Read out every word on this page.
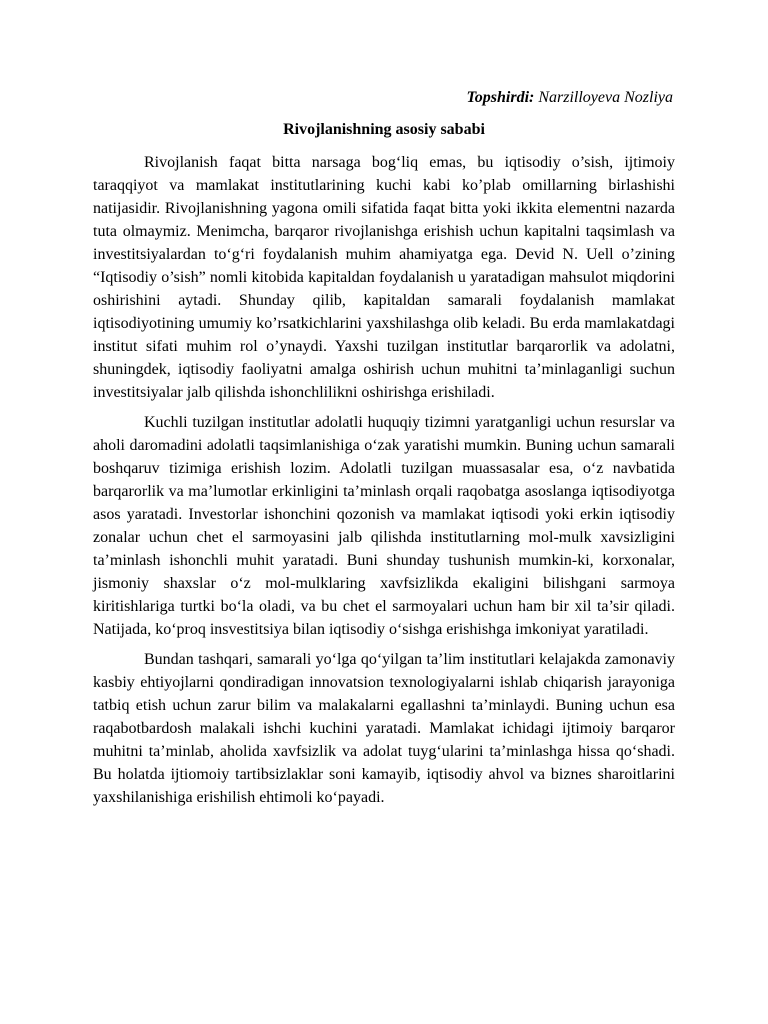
Topshirdi: Narzilloyeva Nozliya
Rivojlanishning asosiy sababi

Rivojlanish faqat bitta narsaga bog‘liq emas, bu iqtisodiy o’sish, ijtimoiy taraqqiyot va mamlakat institutlarining kuchi kabi ko’plab omillarning birlashishi natijasidir. Rivojlanishning yagona omili sifatida faqat bitta yoki ikkita elementni nazarda tuta olmaymiz. Menimcha, barqaror rivojlanishga erishish uchun kapitalni taqsimlash va investitsiyalardan to‘g‘ri foydalanish muhim ahamiyatga ega. Devid N. Uell o’zining “Iqtisodiy o’sish” nomli kitobida kapitaldan foydalanish u yaratadigan mahsulot miqdorini oshirishini aytadi. Shunday qilib, kapitaldan samarali foydalanish mamlakat iqtisodiyotining umumiy ko’rsatkichlarini yaxshilashga olib keladi. Bu erda mamlakatdagi institut sifati muhim rol o’ynaydi. Yaxshi tuzilgan institutlar barqarorlik va adolatni, shuningdek, iqtisodiy faoliyatni amalga oshirish uchun muhitni ta’minlaganligi suchun investitsiyalar jalb qilishda ishonchlilikni oshirishga erishiladi.

Kuchli tuzilgan institutlar adolatli huquqiy tizimni yaratganligi uchun resurslar va aholi daromadini adolatli taqsimlanishiga o‘zak yaratishi mumkin. Buning uchun samarali boshqaruv tizimiga erishish lozim. Adolatli tuzilgan muassasalar esa, o‘z navbatida barqarorlik va ma’lumotlar erkinligini ta’minlash orqali raqobatga asoslanga iqtisodiyotga asos yaratadi. Investorlar ishonchini qozonish va mamlakat iqtisodi yoki erkin iqtisodiy zonalar uchun chet el sarmoyasini jalb qilishda institutlarning mol-mulk xavsizligini ta’minlash ishonchli muhit yaratadi. Buni shunday tushunish mumkin-ki, korxonalar, jismoniy shaxslar o‘z mol-mulklaring xavfsizlikda ekaligini bilishgani sarmoya kiritishlariga turtki bo‘la oladi, va bu chet el sarmoyalari uchun ham bir xil ta’sir qiladi. Natijada, ko‘proq insvestitsiya bilan iqtisodiy o‘sishga erishishga imkoniyat yaratiladi.

Bundan tashqari, samarali yo‘lga qo‘yilgan ta’lim institutlari kelajakda zamonaviy kasbiy ehtiyojlarni qondiradigan innovatsion texnologiyalarni ishlab chiqarish jarayoniga tatbiq etish uchun zarur bilim va malakalarni egallashni ta’minlaydi. Buning uchun esa raqabotbardosh malakali ishchi kuchini yaratadi. Mamlakat ichidagi ijtimoiy barqaror muhitni ta’minlab, aholida xavfsizlik va adolat tuyg‘ularini ta’minlashga hissa qo‘shadi. Bu holatda ijtiomoiy tartibsizlaklar soni kamayib, iqtisodiy ahvol va biznes sharoitlarini yaxshilanishiga erishilish ehtimoli ko‘payadi.
